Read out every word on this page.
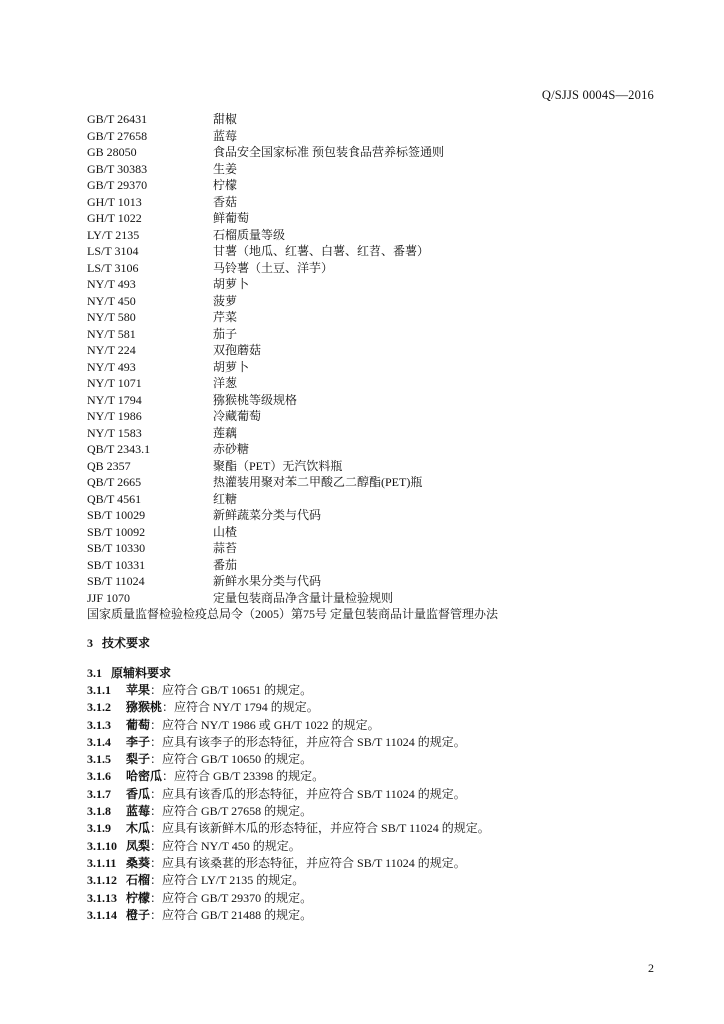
Q/SJJS 0004S—2016
GB/T 26431	甜椒
GB/T 27658	蓝莓
GB 28050	食品安全国家标准 预包装食品营养标签通则
GB/T 30383	生姜
GB/T 29370	柠檬
GH/T 1013	香菇
GH/T 1022	鲜葡萄
LY/T 2135	石榴质量等级
LS/T 3104	甘薯（地瓜、红薯、白薯、红苕、番薯）
LS/T 3106	马铃薯（土豆、洋芋）
NY/T 493	胡萝卜
NY/T 450	菠萝
NY/T 580	芹菜
NY/T 581	茄子
NY/T 224	双孢蘑菇
NY/T 493	胡萝卜
NY/T 1071	洋葱
NY/T 1794	猕猴桃等级规格
NY/T 1986	冷藏葡萄
NY/T 1583	莲藕
QB/T 2343.1	赤砂糖
QB 2357	聚酯（PET）无汽饮料瓶
QB/T 2665	热灌装用聚对苯二甲酸乙二醇酯(PET)瓶
QB/T 4561	红糖
SB/T 10029	新鲜蔬菜分类与代码
SB/T 10092	山楂
SB/T 10330	蒜苔
SB/T 10331	番茄
SB/T 11024	新鲜水果分类与代码
JJF 1070	定量包装商品净含量计量检验规则
国家质量监督检验检疫总局令（2005）第75号 定量包装商品计量监督管理办法
3 技术要求
3.1 原辅料要求
3.1.1 苹果：应符合 GB/T 10651 的规定。
3.1.2 猕猴桃：应符合 NY/T 1794 的规定。
3.1.3 葡萄：应符合 NY/T 1986 或 GH/T 1022 的规定。
3.1.4 李子：应具有该李子的形态特征，并应符合 SB/T 11024 的规定。
3.1.5 梨子：应符合 GB/T 10650 的规定。
3.1.6 哈密瓜：应符合 GB/T 23398 的规定。
3.1.7 香瓜：应具有该香瓜的形态特征，并应符合 SB/T 11024 的规定。
3.1.8 蓝莓：应符合 GB/T 27658 的规定。
3.1.9 木瓜：应具有该新鲜木瓜的形态特征，并应符合 SB/T 11024 的规定。
3.1.10 凤梨：应符合 NY/T 450 的规定。
3.1.11 桑葵：应具有该桑葚的形态特征，并应符合 SB/T 11024 的规定。
3.1.12 石榴：应符合 LY/T 2135 的规定。
3.1.13 柠檬：应符合 GB/T 29370 的规定。
3.1.14 橙子：应符合 GB/T 21488 的规定。
2
